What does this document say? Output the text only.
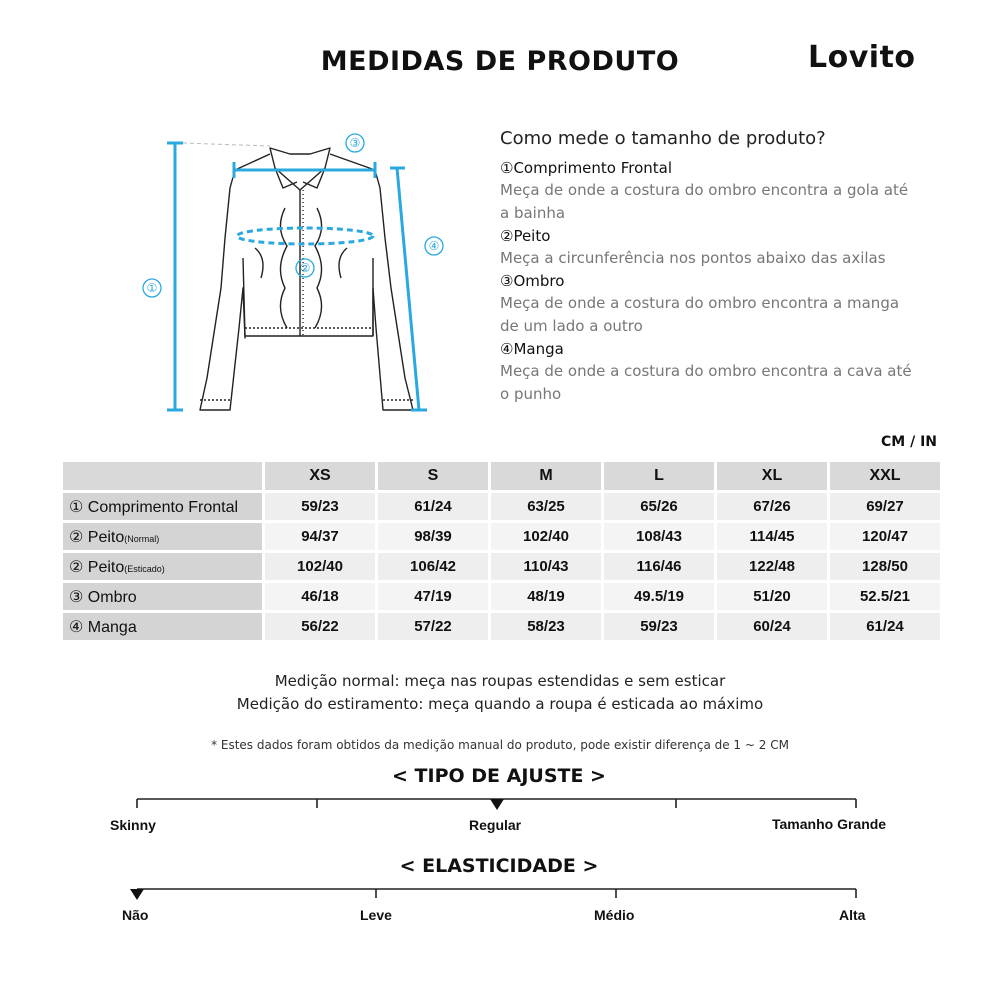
MEDIDAS DE PRODUTO	Lovito
①
②
③
④
Como mede o tamanho de produto?
①Comprimento Frontal
Meça de onde a costura do ombro encontra a gola até
a bainha
②Peito
Meça a circunferência nos pontos abaixo das axilas
③Ombro
Meça de onde a costura do ombro encontra a manga
de um lado a outro
④Manga
Meça de onde a costura do ombro encontra a cava até
o punho
CM / IN
	XS	S	M	L	XL	XXL
① Comprimento Frontal	59/23	61/24	63/25	65/26	67/26	69/27
② Peito(Normal)	94/37	98/39	102/40	108/43	114/45	120/47
② Peito(Esticado)	102/40	106/42	110/43	116/46	122/48	128/50
③ Ombro	46/18	47/19	48/19	49.5/19	51/20	52.5/21
④ Manga	56/22	57/22	58/23	59/23	60/24	61/24
Medição normal: meça nas roupas estendidas e sem esticar
Medição do estiramento: meça quando a roupa é esticada ao máximo
* Estes dados foram obtidos da medição manual do produto, pode existir diferença de 1 ~ 2 CM
< TIPO DE AJUSTE >
Skinny	Regular	Tamanho Grande
< ELASTICIDADE >
Não	Leve	Médio	Alta
